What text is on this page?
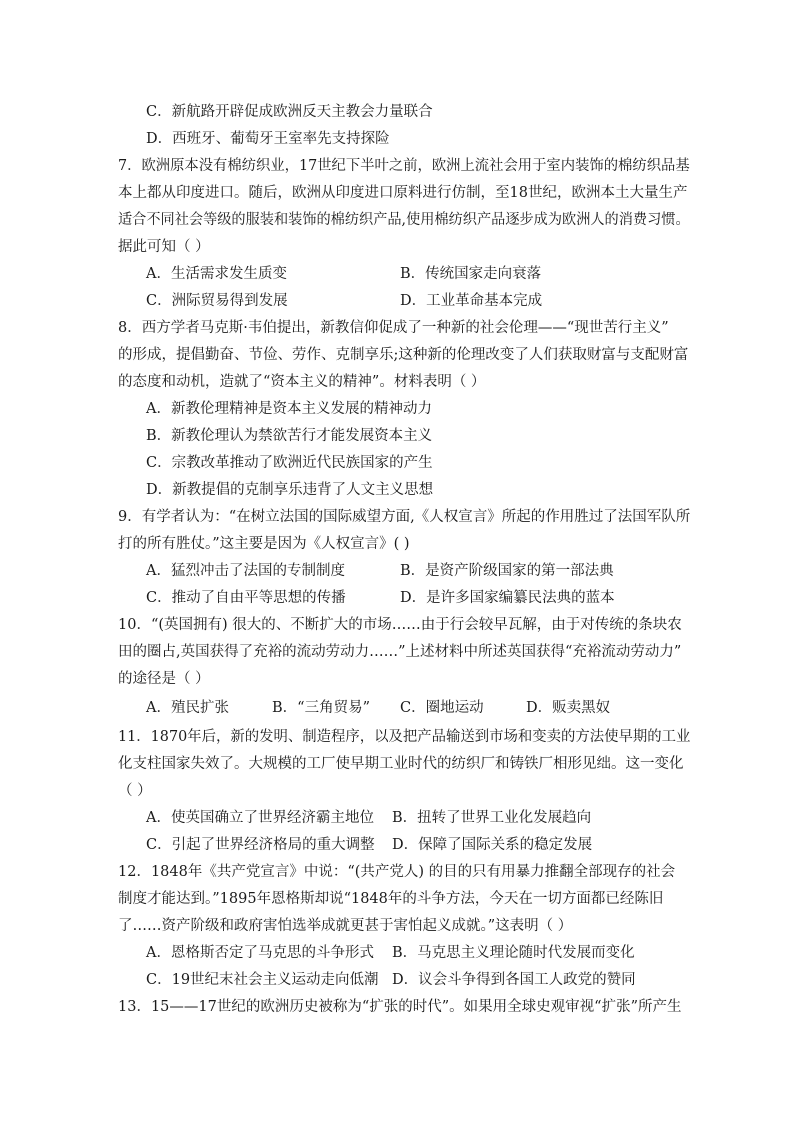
C．新航路开辟促成欧洲反天主教会力量联合
D．西班牙、葡萄牙王室率先支持探险
7．欧洲原本没有棉纺织业，17世纪下半叶之前，欧洲上流社会用于室内装饰的棉纺织品基
本上都从印度进口。随后，欧洲从印度进口原料进行仿制，至18世纪，欧洲本土大量生产
适合不同社会等级的服装和装饰的棉纺织产品,使用棉纺织产品逐步成为欧洲人的消费习惯。
据此可知（ ）
A．生活需求发生质变	B．传统国家走向衰落
C．洲际贸易得到发展	D．工业革命基本完成
8．西方学者马克斯·韦伯提出，新教信仰促成了一种新的社会伦理——“现世苦行主义”
的形成，提倡勤奋、节俭、劳作、克制享乐;这种新的伦理改变了人们获取财富与支配财富
的态度和动机，造就了“资本主义的精神”。材料表明（ ）
A．新教伦理精神是资本主义发展的精神动力
B．新教伦理认为禁欲苦行才能发展资本主义
C．宗教改革推动了欧洲近代民族国家的产生
D．新教提倡的克制享乐违背了人文主义思想
9．有学者认为：“在树立法国的国际威望方面,《人权宣言》所起的作用胜过了法国军队所
打的所有胜仗。”这主要是因为《人权宣言》( )
A．猛烈冲击了法国的专制制度	B．是资产阶级国家的第一部法典
C．推动了自由平等思想的传播	D．是许多国家编纂民法典的蓝本
10．“(英国拥有) 很大的、不断扩大的市场……由于行会较早瓦解，由于对传统的条块农
田的圈占,英国获得了充裕的流动劳动力……”上述材料中所述英国获得“充裕流动劳动力”
的途径是（ ）
A．殖民扩张	B．“三角贸易” C．圈地运动	D．贩卖黑奴
11．1870年后，新的发明、制造程序，以及把产品输送到市场和变卖的方法使早期的工业
化支柱国家失效了。大规模的工厂使早期工业时代的纺织厂和铸铁厂相形见绌。这一变化
（ ）
A．使英国确立了世界经济霸主地位 B．扭转了世界工业化发展趋向
C．引起了世界经济格局的重大调整 D．保障了国际关系的稳定发展
12．1848年《共产党宣言》中说：“(共产党人) 的目的只有用暴力推翻全部现存的社会
制度才能达到。”1895年恩格斯却说“1848年的斗争方法，今天在一切方面都已经陈旧
了……资产阶级和政府害怕选举成就更甚于害怕起义成就。”这表明（ ）
A．恩格斯否定了马克思的斗争形式 B．马克思主义理论随时代发展而变化
C．19世纪末社会主义运动走向低潮 D．议会斗争得到各国工人政党的赞同
13．15——17世纪的欧洲历史被称为“扩张的时代”。如果用全球史观审视“扩张”所产生
